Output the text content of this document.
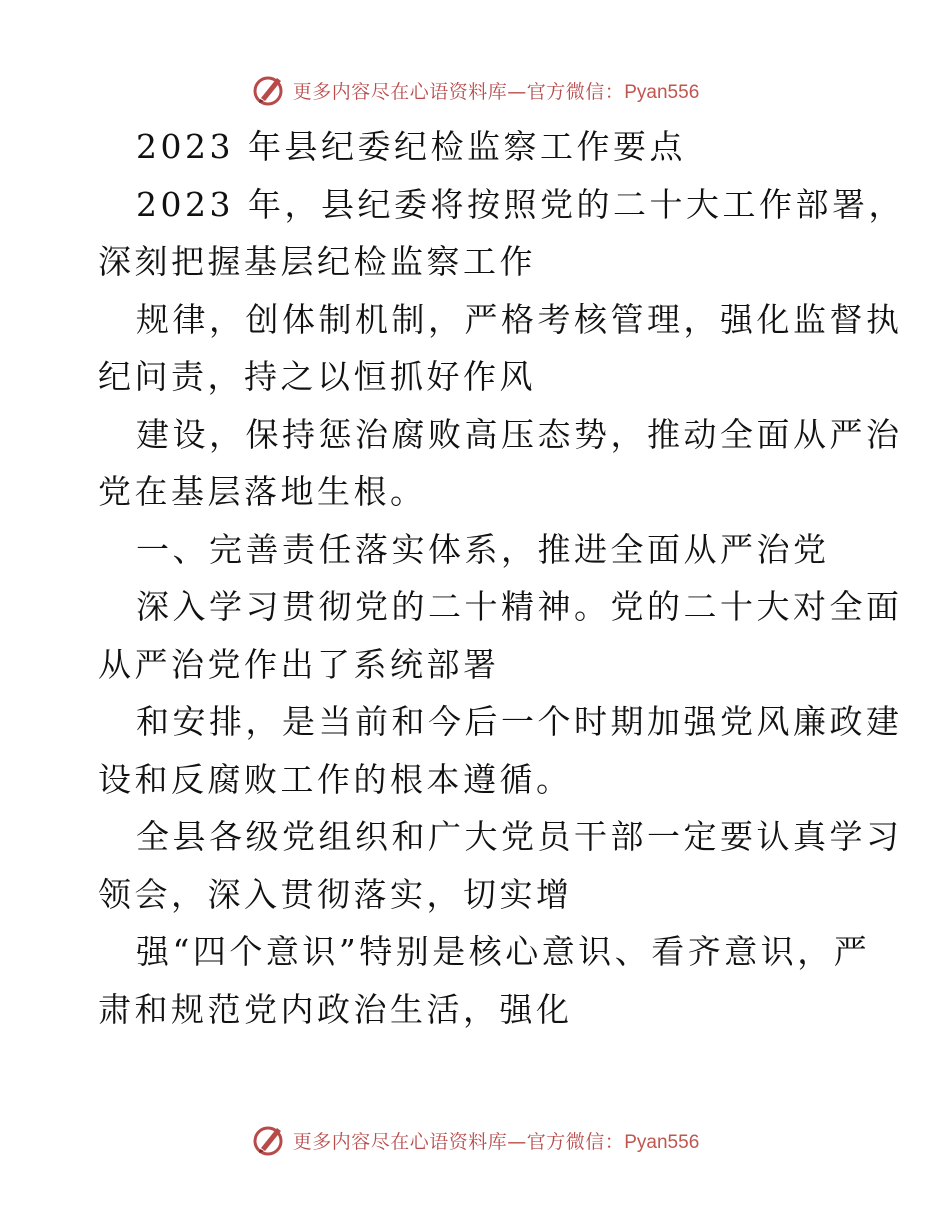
更多内容尽在心语资料库—官方微信：Pyan556
2023 年县纪委纪检监察工作要点
2023 年，县纪委将按照党的二十大工作部署，
深刻把握基层纪检监察工作
规律，创体制机制，严格考核管理，强化监督执
纪问责，持之以恒抓好作风
建设，保持惩治腐败高压态势，推动全面从严治
党在基层落地生根。
一、完善责任落实体系，推进全面从严治党
深入学习贯彻党的二十精神。党的二十大对全面
从严治党作出了系统部署
和安排，是当前和今后一个时期加强党风廉政建
设和反腐败工作的根本遵循。
全县各级党组织和广大党员干部一定要认真学习
领会，深入贯彻落实，切实增
强“四个意识”特别是核心意识、看齐意识，严
肃和规范党内政治生活，强化
更多内容尽在心语资料库—官方微信：Pyan556
